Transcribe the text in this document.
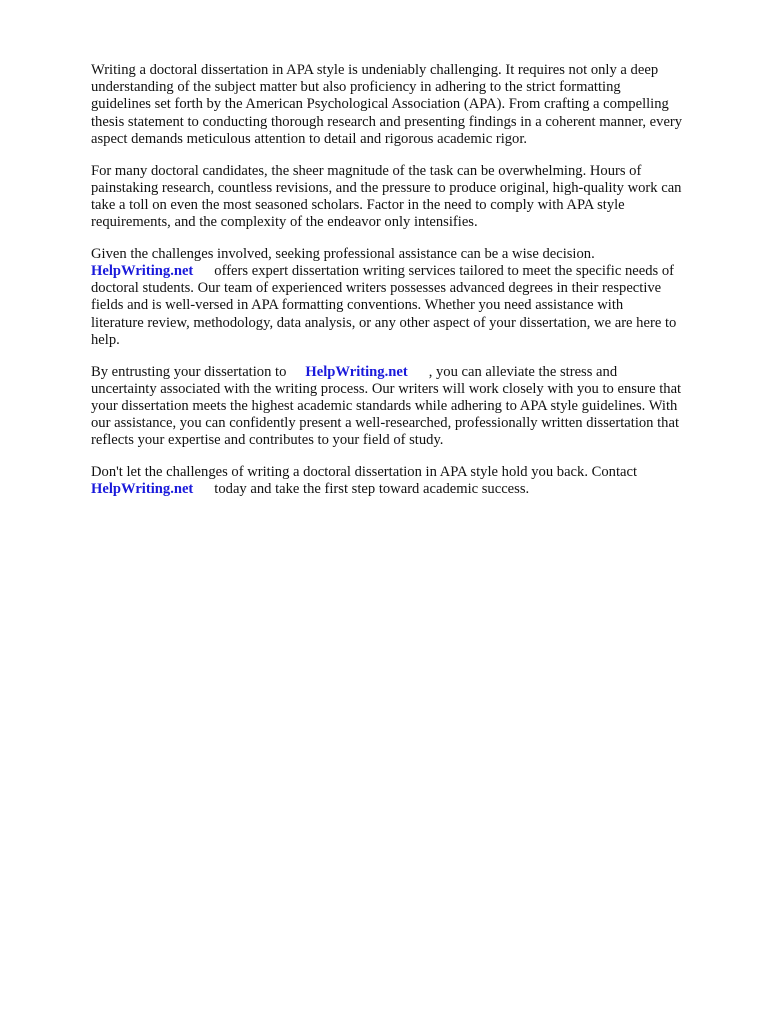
Writing a doctoral dissertation in APA style is undeniably challenging. It requires not only a deep
understanding of the subject matter but also proficiency in adhering to the strict formatting
guidelines set forth by the American Psychological Association (APA). From crafting a compelling
thesis statement to conducting thorough research and presenting findings in a coherent manner, every
aspect demands meticulous attention to detail and rigorous academic rigor.

For many doctoral candidates, the sheer magnitude of the task can be overwhelming. Hours of
painstaking research, countless revisions, and the pressure to produce original, high-quality work can
take a toll on even the most seasoned scholars. Factor in the need to comply with APA style
requirements, and the complexity of the endeavor only intensifies.

Given the challenges involved, seeking professional assistance can be a wise decision.
HelpWriting.net offers expert dissertation writing services tailored to meet the specific needs of
doctoral students. Our team of experienced writers possesses advanced degrees in their respective
fields and is well-versed in APA formatting conventions. Whether you need assistance with
literature review, methodology, data analysis, or any other aspect of your dissertation, we are here to
help.

By entrusting your dissertation to HelpWriting.net , you can alleviate the stress and
uncertainty associated with the writing process. Our writers will work closely with you to ensure that
your dissertation meets the highest academic standards while adhering to APA style guidelines. With
our assistance, you can confidently present a well-researched, professionally written dissertation that
reflects your expertise and contributes to your field of study.

Don't let the challenges of writing a doctoral dissertation in APA style hold you back. Contact
HelpWriting.net today and take the first step toward academic success.
